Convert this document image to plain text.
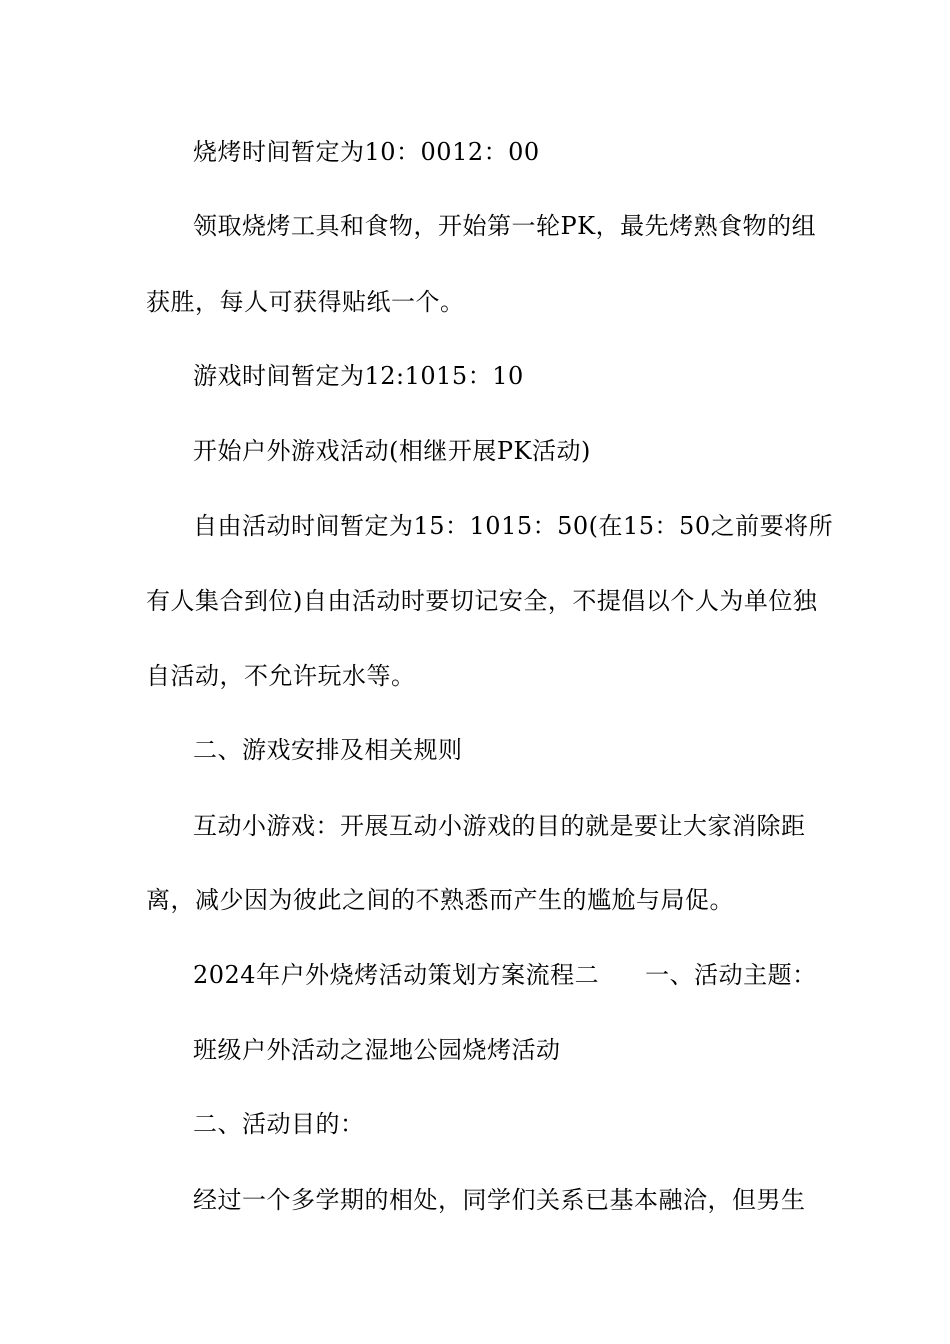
烧烤时间暂定为10：0012：00
领取烧烤工具和食物，开始第一轮PK，最先烤熟食物的组
获胜，每人可获得贴纸一个。
游戏时间暂定为12:1015：10
开始户外游戏活动(相继开展PK活动)
自由活动时间暂定为15：1015：50(在15：50之前要将所
有人集合到位)自由活动时要切记安全，不提倡以个人为单位独
自活动，不允许玩水等。
二、游戏安排及相关规则
互动小游戏：开展互动小游戏的目的就是要让大家消除距
离，减少因为彼此之间的不熟悉而产生的尴尬与局促。
2024年户外烧烤活动策划方案流程二 一、活动主题：
班级户外活动之湿地公园烧烤活动
二、活动目的：
经过一个多学期的相处，同学们关系已基本融洽，但男生
